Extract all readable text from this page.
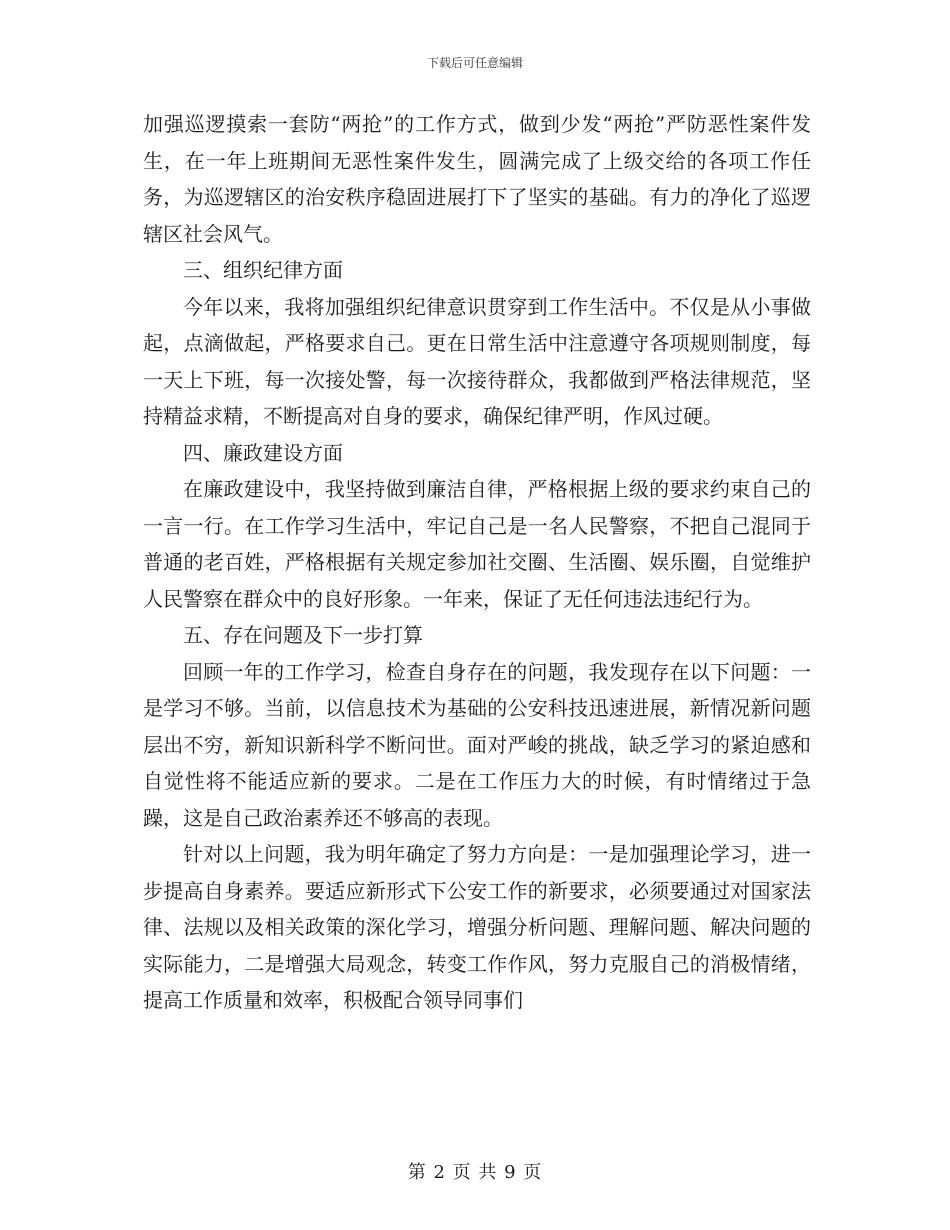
下载后可任意编辑

加强巡逻摸索一套防“两抢”的工作方式，做到少发“两抢”严防恶性案件发生，在一年上班期间无恶性案件发生，圆满完成了上级交给的各项工作任务，为巡逻辖区的治安秩序稳固进展打下了坚实的基础。有力的净化了巡逻辖区社会风气。

三、组织纪律方面

今年以来，我将加强组织纪律意识贯穿到工作生活中。不仅是从小事做起，点滴做起，严格要求自己。更在日常生活中注意遵守各项规则制度，每一天上下班，每一次接处警，每一次接待群众，我都做到严格法律规范，坚持精益求精，不断提高对自身的要求，确保纪律严明，作风过硬。

四、廉政建设方面

在廉政建设中，我坚持做到廉洁自律，严格根据上级的要求约束自己的一言一行。在工作学习生活中，牢记自己是一名人民警察，不把自己混同于普通的老百姓，严格根据有关规定参加社交圈、生活圈、娱乐圈，自觉维护人民警察在群众中的良好形象。一年来，保证了无任何违法违纪行为。

五、存在问题及下一步打算

回顾一年的工作学习，检查自身存在的问题，我发现存在以下问题：一是学习不够。当前，以信息技术为基础的公安科技迅速进展，新情况新问题层出不穷，新知识新科学不断问世。面对严峻的挑战，缺乏学习的紧迫感和自觉性将不能适应新的要求。二是在工作压力大的时候，有时情绪过于急躁，这是自己政治素养还不够高的表现。

针对以上问题，我为明年确定了努力方向是：一是加强理论学习，进一步提高自身素养。要适应新形式下公安工作的新要求，必须要通过对国家法律、法规以及相关政策的深化学习，增强分析问题、理解问题、解决问题的实际能力，二是增强大局观念，转变工作作风，努力克服自己的消极情绪，提高工作质量和效率，积极配合领导同事们

第 2 页 共 9 页
